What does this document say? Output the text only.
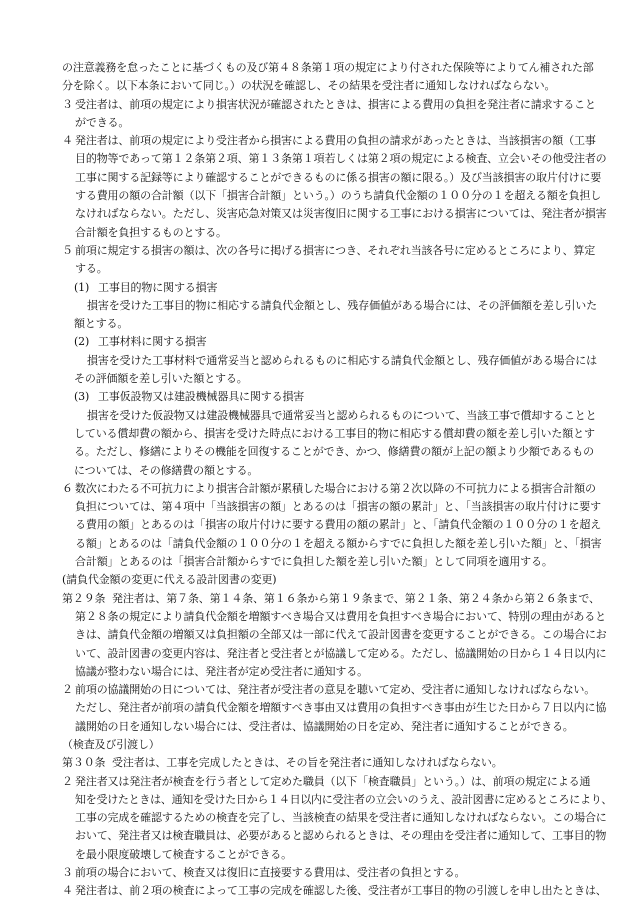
の注意義務を怠ったことに基づくもの及び第４８条第１項の規定により付された保険等によりてん補された部
分を除く。以下本条において同じ。）の状況を確認し、その結果を受注者に通知しなければならない。
３ 受注者は、前項の規定により損害状況が確認されたときは、損害による費用の負担を発注者に請求すること
ができる。
４ 発注者は、前項の規定により受注者から損害による費用の負担の請求があったときは、当該損害の額（工事
目的物等であって第１２条第２項、第１３条第１項若しくは第２項の規定による検査、立会いその他受注者の
工事に関する記録等により確認することができるものに係る損害の額に限る。）及び当該損害の取片付けに要
する費用の額の合計額（以下「損害合計額」という。）のうち請負代金額の１００分の１を超える額を負担し
なければならない。ただし、災害応急対策又は災害復旧に関する工事における損害については、発注者が損害
合計額を負担するものとする。
５ 前項に規定する損害の額は、次の各号に掲げる損害につき、それぞれ当該各号に定めるところにより、算定
する。
(1) 工事目的物に関する損害
損害を受けた工事目的物に相応する請負代金額とし、残存価値がある場合には、その評価額を差し引いた
額とする。
(2) 工事材料に関する損害
損害を受けた工事材料で通常妥当と認められるものに相応する請負代金額とし、残存価値がある場合には
その評価額を差し引いた額とする。
(3) 工事仮設物又は建設機械器具に関する損害
損害を受けた仮設物又は建設機械器具で通常妥当と認められるものについて、当該工事で償却することと
している償却費の額から、損害を受けた時点における工事目的物に相応する償却費の額を差し引いた額とす
る。ただし、修繕によりその機能を回復することができ、かつ、修繕費の額が上記の額より少額であるもの
については、その修繕費の額とする。
６ 数次にわたる不可抗力により損害合計額が累積した場合における第２次以降の不可抗力による損害合計額の
負担については、第４項中「当該損害の額」とあるのは「損害の額の累計」と、「当該損害の取片付けに要す
る費用の額」とあるのは「損害の取片付けに要する費用の額の累計」と、「請負代金額の１００分の１を超え
る額」とあるのは「請負代金額の１００分の１を超える額からすでに負担した額を差し引いた額」と、「損害
合計額」とあるのは「損害合計額からすでに負担した額を差し引いた額」として同項を適用する。
(請負代金額の変更に代える設計図書の変更)
第２９条 発注者は、第７条、第１４条、第１６条から第１９条まで、第２１条、第２４条から第２６条まで、
第２８条の規定により請負代金額を増額すべき場合又は費用を負担すべき場合において、特別の理由があると
きは、請負代金額の増額又は負担額の全部又は一部に代えて設計図書を変更することができる。この場合にお
いて、設計図書の変更内容は、発注者と受注者とが協議して定める。ただし、協議開始の日から１４日以内に
協議が整わない場合には、発注者が定め受注者に通知する。
２ 前項の協議開始の日については、発注者が受注者の意見を聴いて定め、受注者に通知しなければならない。
ただし、発注者が前項の請負代金額を増額すべき事由又は費用の負担すべき事由が生じた日から７日以内に協
議開始の日を通知しない場合には、受注者は、協議開始の日を定め、発注者に通知することができる。
（検査及び引渡し）
第３０条 受注者は、工事を完成したときは、その旨を発注者に通知しなければならない。
２ 発注者又は発注者が検査を行う者として定めた職員（以下「検査職員」という。）は、前項の規定による通
知を受けたときは、通知を受けた日から１４日以内に受注者の立会いのうえ、設計図書に定めるところにより、
工事の完成を確認するための検査を完了し、当該検査の結果を受注者に通知しなければならない。この場合に
おいて、発注者又は検査職員は、必要があると認められるときは、その理由を受注者に通知して、工事目的物
を最小限度破壊して検査することができる。
３ 前項の場合において、検査又は復旧に直接要する費用は、受注者の負担とする。
４ 発注者は、前２項の検査によって工事の完成を確認した後、受注者が工事目的物の引渡しを申し出たときは、
